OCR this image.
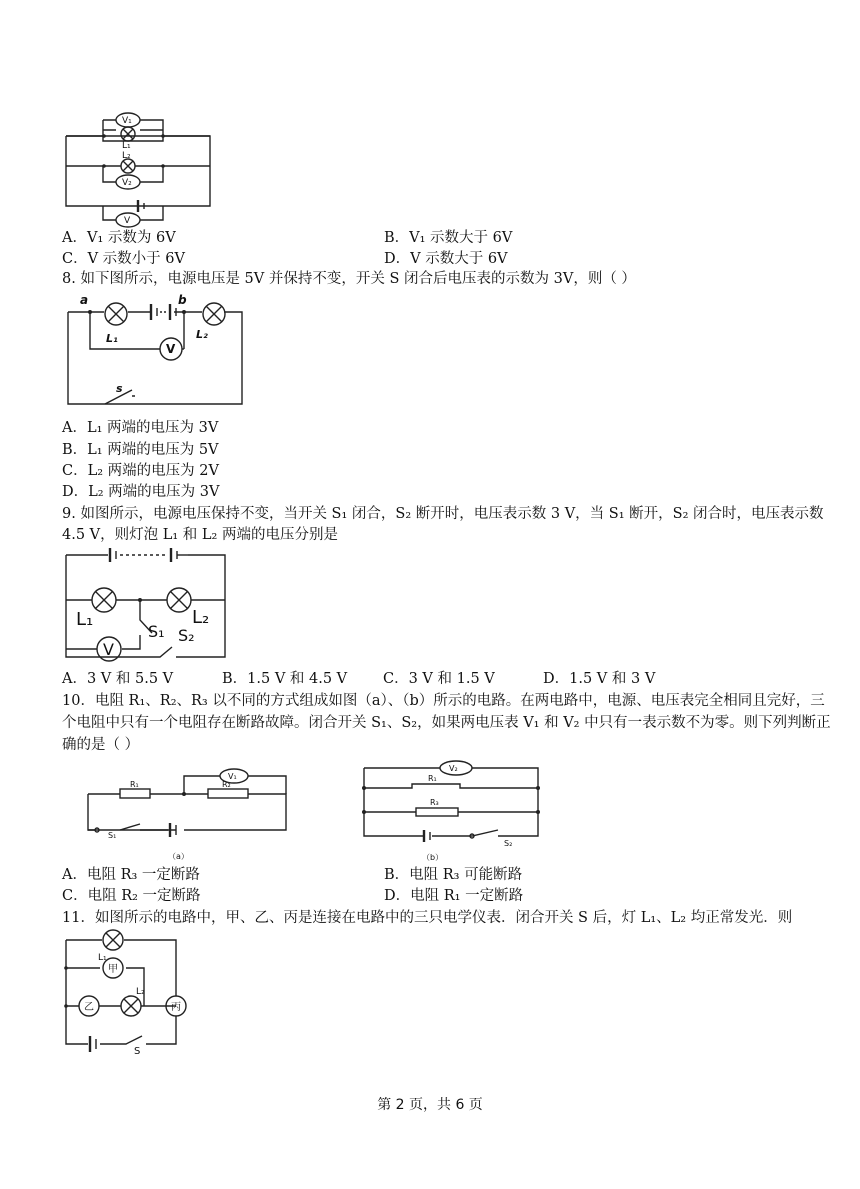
V₁
L₁
L₂
V₂
V
A．V₁ 示数为 6V	B．V₁ 示数大于 6V
C．V 示数小于 6V	D．V 示数大于 6V
8. 如下图所示，电源电压是 5V 并保持不变，开关 S 闭合后电压表的示数为 3V，则（ ）
a	b
L₁	L₂
V
s
A．L₁ 两端的电压为 3V
B．L₁ 两端的电压为 5V
C．L₂ 两端的电压为 2V
D．L₂ 两端的电压为 3V
9. 如图所示，电源电压保持不变，当开关 S₁ 闭合，S₂ 断开时，电压表示数 3 V，当 S₁ 断开，S₂ 闭合时，电压表示数 4.5 V，则灯泡 L₁ 和 L₂ 两端的电压分别是
L₁	L₂
S₁ S₂
V
A．3 V 和 5.5 V	B．1.5 V 和 4.5 V C．3 V 和 1.5 V	D．1.5 V 和 3 V
10．电阻 R₁、R₂、R₃ 以不同的方式组成如图（a）、（b）所示的电路。在两电路中，电源、电压表完全相同且完好，三个电阻中只有一个电阻存在断路故障。闭合开关 S₁、S₂，如果两电压表 V₁ 和 V₂ 中只有一表示数不为零。则下列判断正确的是（ ）
R₁	R₂
V₁
S₁
（a）
V₂
R₁
R₃
S₂
（b）
A．电阻 R₃ 一定断路	B．电阻 R₃ 可能断路
C．电阻 R₂ 一定断路	D．电阻 R₁ 一定断路
11．如图所示的电路中，甲、乙、丙是连接在电路中的三只电学仪表．闭合开关 S 后，灯 L₁、L₂ 均正常发光．则
L₁
甲
乙
L₂
丙
S
第 2 页，共 6 页
